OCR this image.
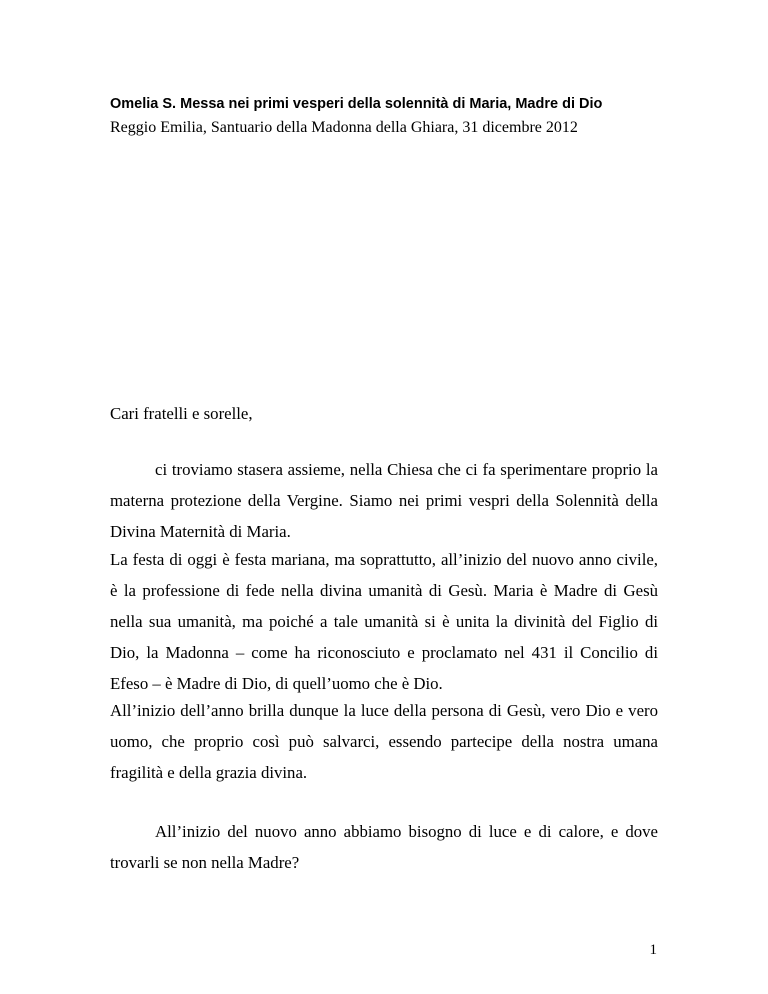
Omelia S. Messa nei primi vesperi della solennità di Maria, Madre di Dio

Reggio Emilia, Santuario della Madonna della Ghiara, 31 dicembre 2012

Cari fratelli e sorelle,

ci troviamo stasera assieme, nella Chiesa che ci fa sperimentare proprio la materna protezione della Vergine. Siamo nei primi vespri della Solennità della Divina Maternità di Maria.

La festa di oggi è festa mariana, ma soprattutto, all’inizio del nuovo anno civile, è la professione di fede nella divina umanità di Gesù. Maria è Madre di Gesù nella sua umanità, ma poiché a tale umanità si è unita la divinità del Figlio di Dio, la Madonna – come ha riconosciuto e proclamato nel 431 il Concilio di Efeso – è Madre di Dio, di quell’uomo che è Dio.

All’inizio dell’anno brilla dunque la luce della persona di Gesù, vero Dio e vero uomo, che proprio così può salvarci, essendo partecipe della nostra umana fragilità e della grazia divina.

All’inizio del nuovo anno abbiamo bisogno di luce e di calore, e dove trovarli se non nella Madre?

1
